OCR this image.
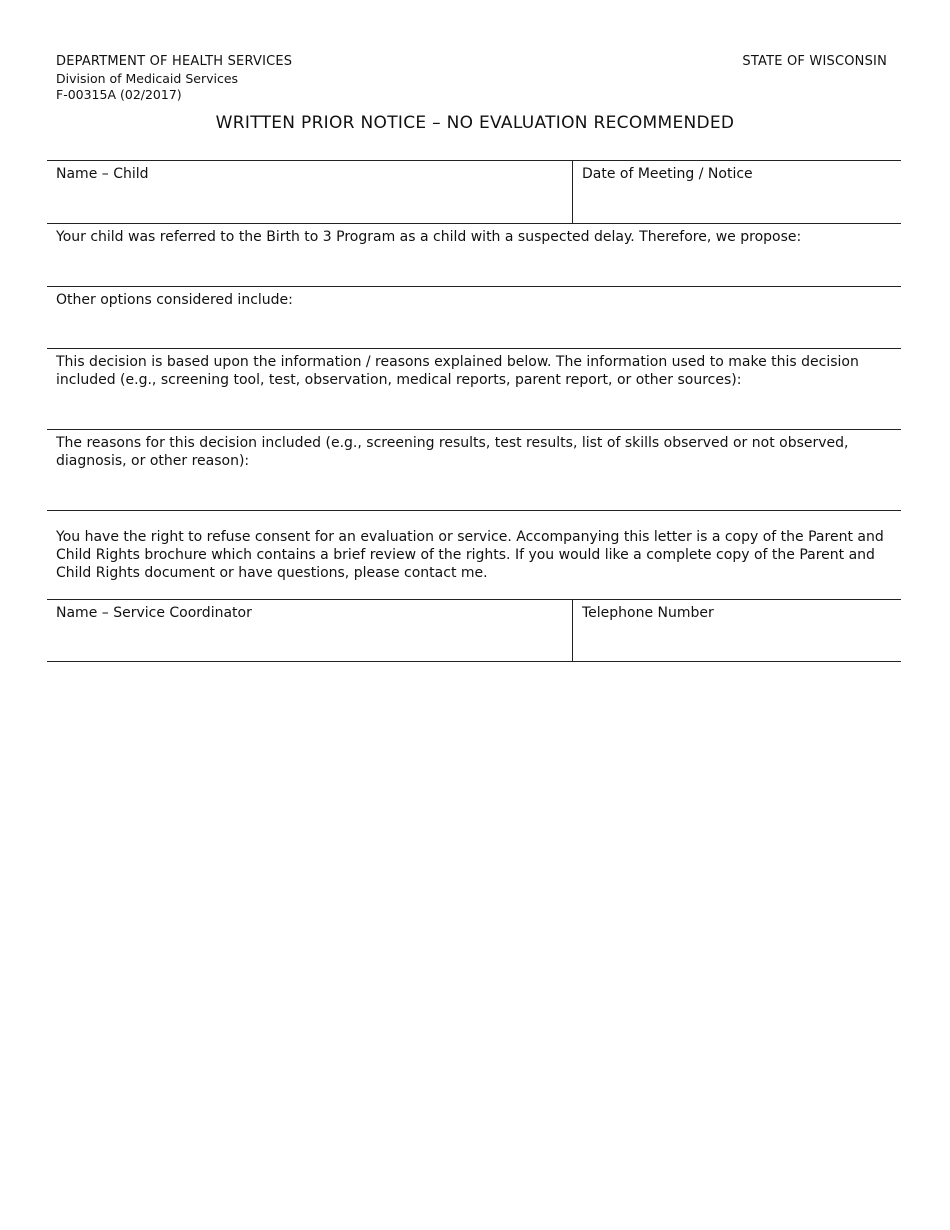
DEPARTMENT OF HEALTH SERVICES
Division of Medicaid Services
F-00315A (02/2017)
STATE OF WISCONSIN
WRITTEN PRIOR NOTICE – NO EVALUATION RECOMMENDED
Name – Child	Date of Meeting / Notice
Your child was referred to the Birth to 3 Program as a child with a suspected delay. Therefore, we propose:
Other options considered include:
This decision is based upon the information / reasons explained below. The information used to make this decision included (e.g., screening tool, test, observation, medical reports, parent report, or other sources):
The reasons for this decision included (e.g., screening results, test results, list of skills observed or not observed, diagnosis, or other reason):
You have the right to refuse consent for an evaluation or service. Accompanying this letter is a copy of the Parent and Child Rights brochure which contains a brief review of the rights. If you would like a complete copy of the Parent and Child Rights document or have questions, please contact me.
Name – Service Coordinator	Telephone Number
